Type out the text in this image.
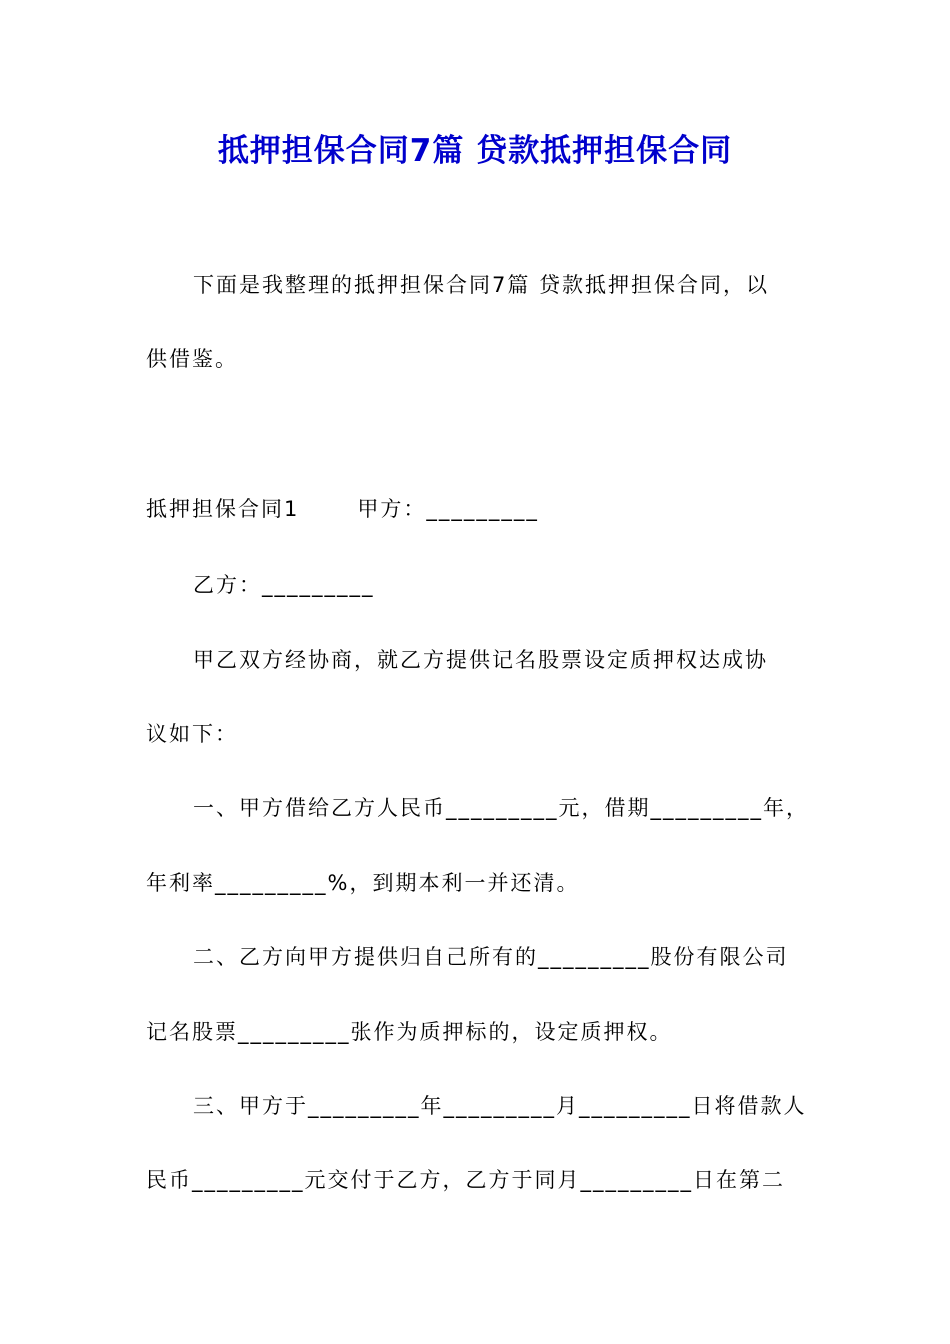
抵押担保合同7篇 贷款抵押担保合同
下面是我整理的抵押担保合同7篇 贷款抵押担保合同，以
供借鉴。
抵押担保合同1	甲方：_________
乙方：_________
甲乙双方经协商，就乙方提供记名股票设定质押权达成协
议如下：
一、甲方借给乙方人民币_________元，借期_________年，
年利率_________%，到期本利一并还清。
二、乙方向甲方提供归自己所有的_________股份有限公司
记名股票_________张作为质押标的，设定质押权。
三、甲方于_________年_________月_________日将借款人
民币_________元交付于乙方，乙方于同月_________日在第二
